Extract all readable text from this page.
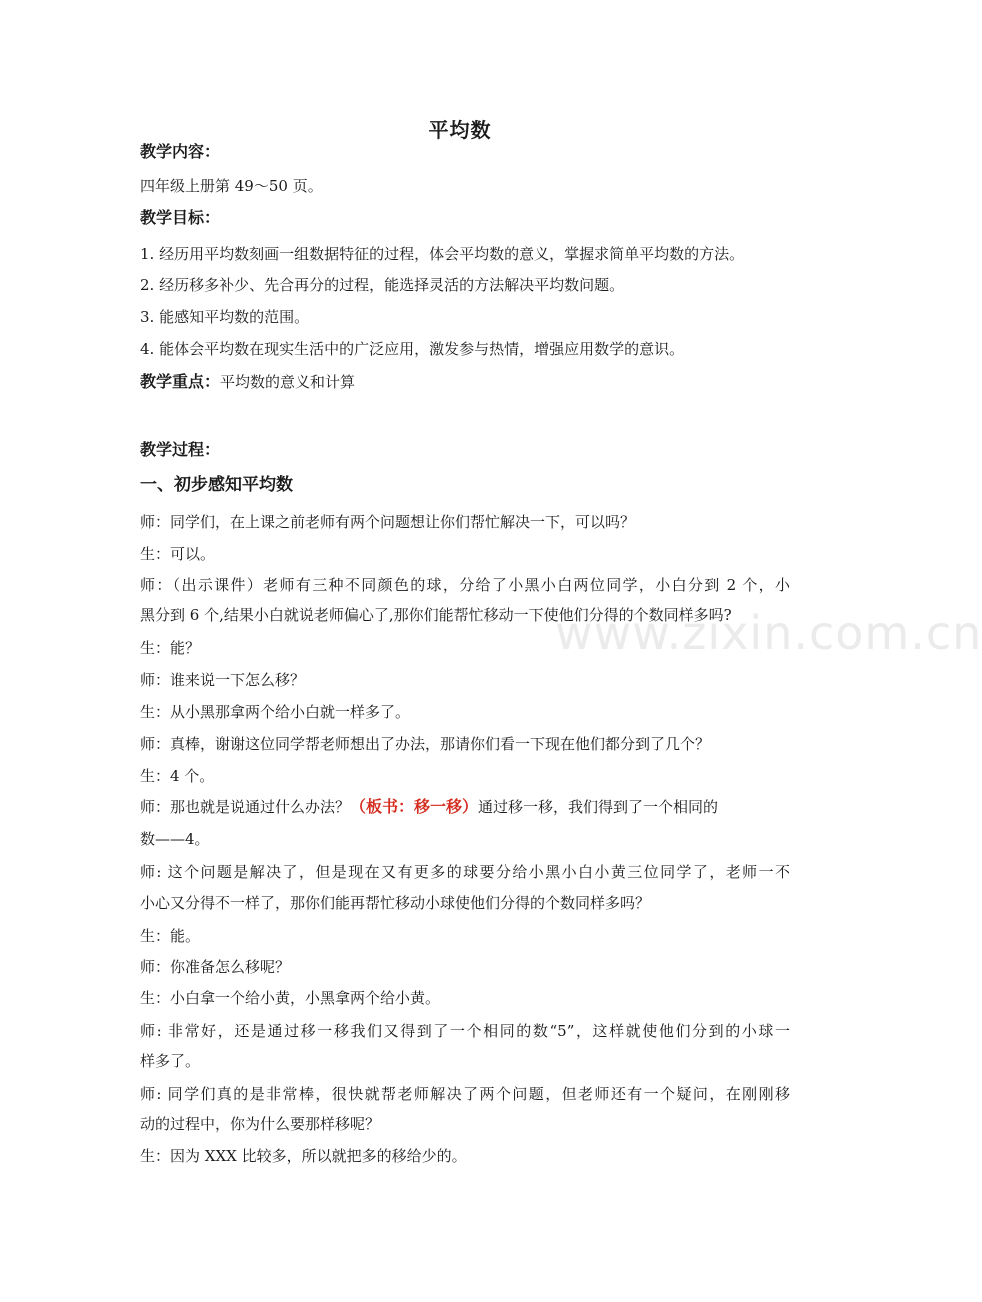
www.zixin.com.cn
平均数
教学内容：
四年级上册第 49～50 页。
教学目标：
1. 经历用平均数刻画一组数据特征的过程，体会平均数的意义，掌握求简单平均数的方法。
2. 经历移多补少、先合再分的过程，能选择灵活的方法解决平均数问题。
3. 能感知平均数的范围。
4. 能体会平均数在现实生活中的广泛应用，激发参与热情，增强应用数学的意识。
教学重点：平均数的意义和计算
教学过程：
一、初步感知平均数
师：同学们，在上课之前老师有两个问题想让你们帮忙解决一下，可以吗？
生：可以。
师：（出示课件）老师有三种不同颜色的球，分给了小黑小白两位同学，小白分到 2 个，小
黑分到 6 个,结果小白就说老师偏心了,那你们能帮忙移动一下使他们分得的个数同样多吗?
生：能？
师：谁来说一下怎么移？
生：从小黑那拿两个给小白就一样多了。
师：真棒，谢谢这位同学帮老师想出了办法，那请你们看一下现在他们都分到了几个？
生：4 个。
师：那也就是说通过什么办法？（板书：移一移）通过移一移，我们得到了一个相同的
数——4。
师: 这个问题是解决了，但是现在又有更多的球要分给小黑小白小黄三位同学了，老师一不
小心又分得不一样了，那你们能再帮忙移动小球使他们分得的个数同样多吗？
生：能。
师：你准备怎么移呢？
生：小白拿一个给小黄，小黑拿两个给小黄。
师: 非常好，还是通过移一移我们又得到了一个相同的数“5”，这样就使他们分到的小球一
样多了。
师: 同学们真的是非常棒，很快就帮老师解决了两个问题，但老师还有一个疑问，在刚刚移
动的过程中，你为什么要那样移呢？
生：因为 XXX 比较多，所以就把多的移给少的。
